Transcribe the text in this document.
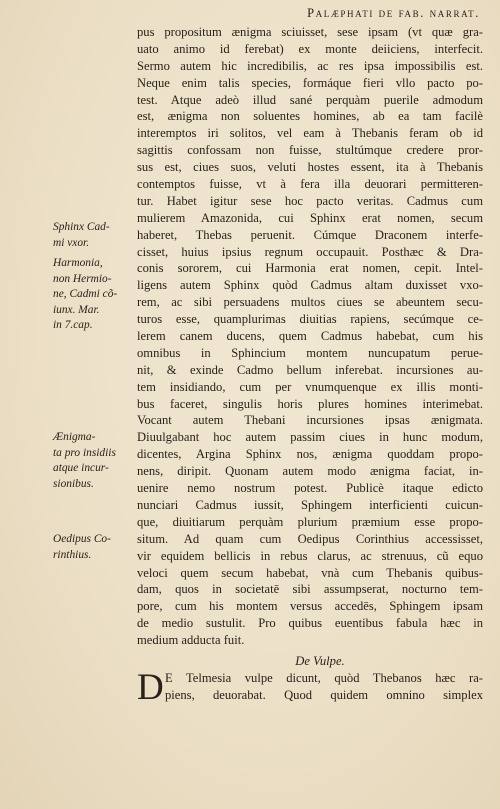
Palæphati de fab. narrat.
Sphinx Cad-
mi vxor.
Harmonia,
non Hermio-
ne, Cadmi cõ-
iunx. Mar.
in 7.cap.
Ænigma-
ta pro insidiis
atque incur-
sionibus.
Oedipus Co-
rinthius.
pus propositum ænigma sciuisset, sese ipsam (vt quæ gra-
uato animo id ferebat) ex monte deiiciens, interfecit.
Sermo autem hic incredibilis, ac res ipsa impossibilis est.
Neque enim talis species, formáque fieri vllo pacto po-
test. Atque adeò illud sané perquàm puerile admodum
est, ænigma non soluentes homines, ab ea tam facilè
interemptos iri solitos, vel eam à Thebanis feram ob id
sagittis confossam non fuisse, stultúmque credere pror-
sus est, ciues suos, veluti hostes essent, ita à Thebanis
contemptos fuisse, vt à fera illa deuorari permitteren-
tur. Habet igitur sese hoc pacto veritas. Cadmus cum
mulierem Amazonida, cui Sphinx erat nomen, secum
haberet, Thebas peruenit. Cúmque Draconem interfe-
cisset, huius ipsius regnum occupauit. Posthæc & Dra-
conis sororem, cui Harmonia erat nomen, cepit. Intel-
ligens autem Sphinx quòd Cadmus altam duxisset vxo-
rem, ac sibi persuadens multos ciues se abeuntem secu-
turos esse, quamplurimas diuitias rapiens, secúmque ce-
lerem canem ducens, quem Cadmus habebat, cum his
omnibus in Sphincium montem nuncupatum perue-
nit, & exinde Cadmo bellum inferebat. incursiones au-
tem insidiando, cum per vnumquenque ex illis monti-
bus faceret, singulis horis plures homines interimebat.
Vocant autem Thebani incursiones ipsas ænigmata.
Diuulgabant hoc autem passim ciues in hunc modum,
dicentes, Argina Sphinx nos, ænigma quoddam propo-
nens, diripit. Quonam autem modo ænigma faciat, in-
uenire nemo nostrum potest. Publicè itaque edicto
nunciari Cadmus iussit, Sphingem interficienti cuicun-
que, diuitiarum perquàm plurium præmium esse propo-
situm. Ad quam cum Oedipus Corinthius accessisset,
vir equidem bellicis in rebus clarus, ac strenuus, cũ equo
veloci quem secum habebat, vnà cum Thebanis quibus-
dam, quos in societatē sibi assumpserat, nocturno tem-
pore, cum his montem versus accedēs, Sphingem ipsam
de medio sustulit. Pro quibus euentibus fabula hæc in
medium adducta fuit.
De Vulpe.
D E Telmesia vulpe dicunt, quòd Thebanos hæc ra-
piens, deuorabat. Quod quidem omnino simplex
